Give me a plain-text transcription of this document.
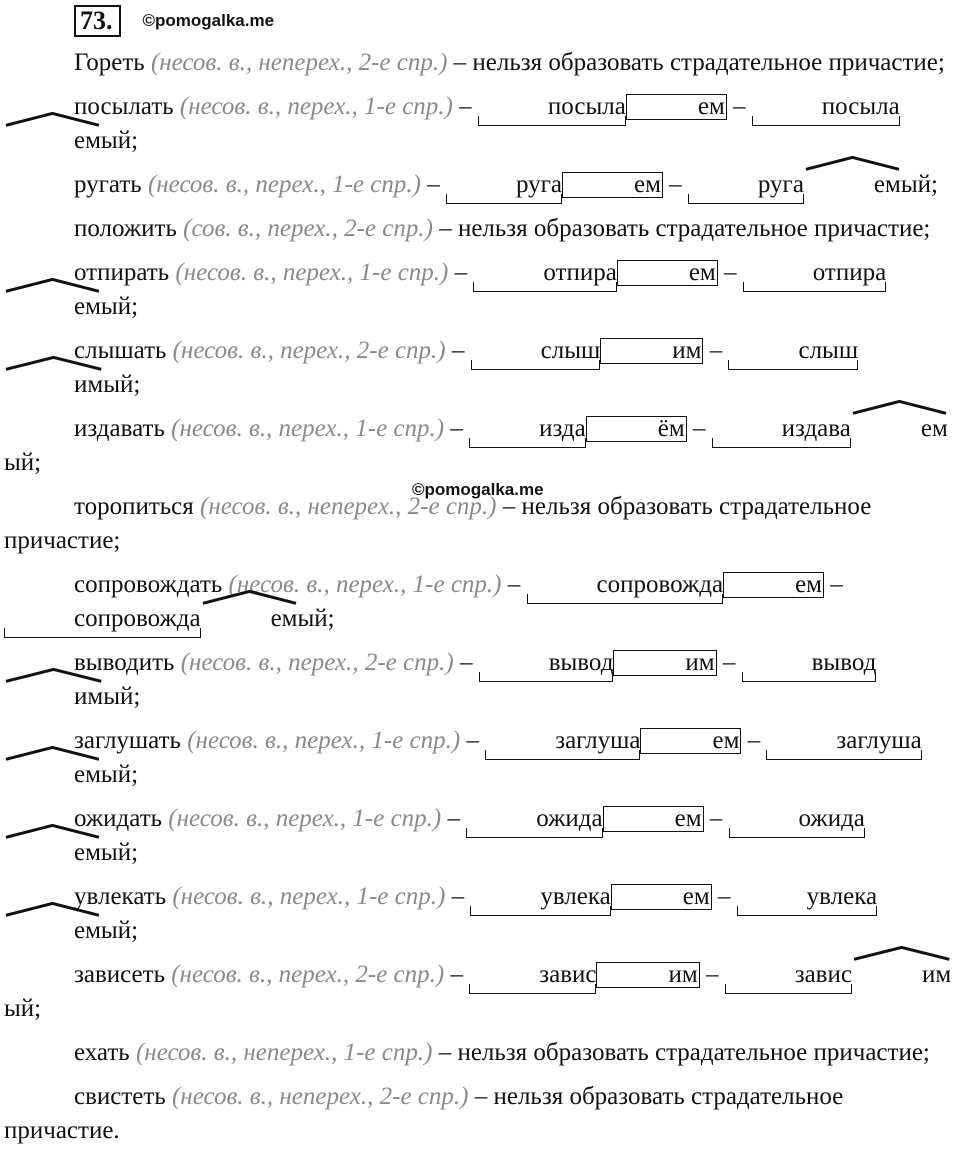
73.	©pomogalka.me
©pomogalka.me

Гореть (несов. в., неперех., 2-е спр.) – нельзя образовать страдательное причастие;

посылать (несов. в., перех., 1-е спр.) –	посыла	ем –	посылаем
ый;

ругать (несов. в., перех., 1-е спр.) –	руга	ем –	руга	ем
ый;

положить (сов. в., перех., 2-е спр.) – нельзя образовать страдательное причастие;

отпирать (несов. в., перех., 1-е спр.) –	отпира	ем –	отпираем
ый;

слышать (несов. в., перех., 2-е спр.) –	слыш	им –	слышим
ый;

издавать (несов. в., перех., 1-е спр.) –	изда	ём –	издава	ем
ый;

торопиться (несов. в., неперех., 2-е спр.) – нельзя образовать страдательное причастие;

сопровождать (несов. в., перех., 1-е спр.) –	сопровожда	ем – сопровожда	ем
ый;

выводить (несов. в., перех., 2-е спр.) –	вывод	им –	выводим
ый;

заглушать (несов. в., перех., 1-е спр.) –	заглуша	ем –	заглушаем
ый;

ожидать (несов. в., перех., 1-е спр.) –	ожида	ем –	ожидаем
ый;

увлекать (несов. в., перех., 1-е спр.) –	увлека	ем –	увлекаем
ый;

зависеть (несов. в., перех., 2-е спр.) –	завис	им –	завис	им
ый;

ехать (несов. в., неперех., 1-е спр.) – нельзя образовать страдательное причастие;

свистеть (несов. в., неперех., 2-е спр.) – нельзя образовать страдательное причастие.
